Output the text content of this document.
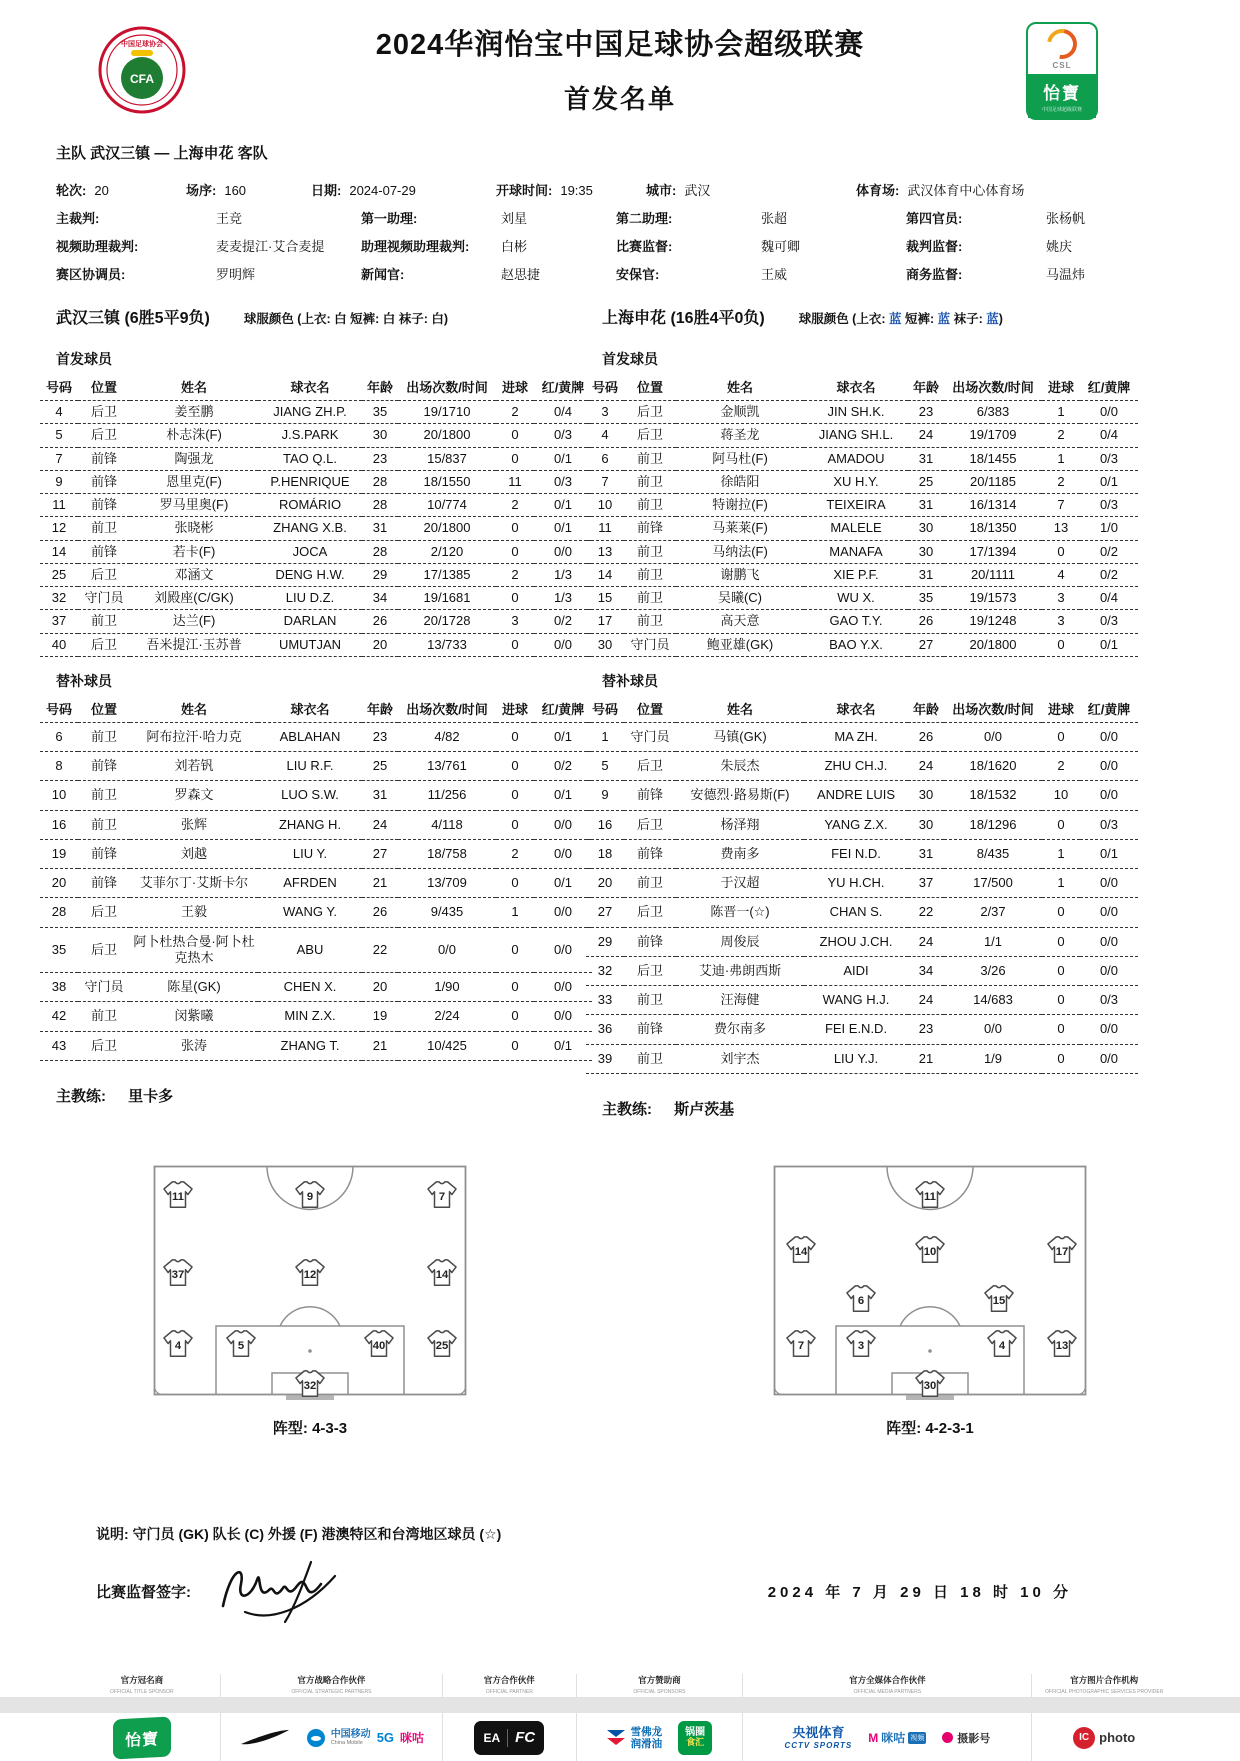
中国足球协会
CFA
2024华润怡宝中国足球协会超级联赛
首发名单
CSL
怡寶
中国足球超级联赛
主队 武汉三镇 — 上海申花 客队
轮次: 20	场序: 160	日期: 2024-07-29	开球时间: 19:35	城市: 武汉	体育场: 武汉体育中心体育场
主裁判:	王竞	第一助理:	刘星	第二助理:	张超	第四官员:	张杨帆
视频助理裁判:	麦麦提江·艾合麦提	助理视频助理裁判:	白彬	比赛监督:	魏可卿	裁判监督:	姚庆
赛区协调员:	罗明辉	新闻官:	赵思捷	安保官:	王威	商务监督:	马温炜
武汉三镇 (6胜5平9负)	球服颜色 (上衣: 白 短裤: 白 袜子: 白)
首发球员
号码	位置	姓名	球衣名	年龄	出场次数/时间	进球	红/黄牌
4	后卫	姜至鹏	JIANG ZH.P.	35	19/1710	2	0/4
5	后卫	朴志洙(F)	J.S.PARK	30	20/1800	0	0/3
7	前锋	陶强龙	TAO Q.L.	23	15/837	0	0/1
9	前锋	恩里克(F)	P.HENRIQUE	28	18/1550	11	0/3
11	前锋	罗马里奥(F)	ROMÁRIO	28	10/774	2	0/1
12	前卫	张晓彬	ZHANG X.B.	31	20/1800	0	0/1
14	前锋	若卡(F)	JOCA	28	2/120	0	0/0
25	后卫	邓涵文	DENG H.W.	29	17/1385	2	1/3
32	守门员	刘殿座(C/GK)	LIU D.Z.	34	19/1681	0	1/3
37	前卫	达兰(F)	DARLAN	26	20/1728	3	0/2
40	后卫	吾米提江·玉苏普	UMUTJAN	20	13/733	0	0/0
替补球员
号码	位置	姓名	球衣名	年龄	出场次数/时间	进球	红/黄牌
6	前卫	阿布拉汗·哈力克	ABLAHAN	23	4/82	0	0/1
8	前锋	刘若钒	LIU R.F.	25	13/761	0	0/2
10	前卫	罗森文	LUO S.W.	31	11/256	0	0/1
16	前卫	张辉	ZHANG H.	24	4/118	0	0/0
19	前锋	刘越	LIU Y.	27	18/758	2	0/0
20	前锋	艾菲尔丁·艾斯卡尔	AFRDEN	21	13/709	0	0/1
28	后卫	王毅	WANG Y.	26	9/435	1	0/0
35	后卫	阿卜杜热合曼·阿卜杜克热木	ABU	22	0/0	0	0/0
38	守门员	陈星(GK)	CHEN X.	20	1/90	0	0/0
42	前卫	闵紫曦	MIN Z.X.	19	2/24	0	0/0
43	后卫	张涛	ZHANG T.	21	10/425	0	0/1
主教练: 里卡多
上海申花 (16胜4平0负)	球服颜色 (上衣: 蓝 短裤: 蓝 袜子: 蓝)
首发球员
号码	位置	姓名	球衣名	年龄	出场次数/时间	进球	红/黄牌
3	后卫	金顺凯	JIN SH.K.	23	6/383	1	0/0
4	后卫	蒋圣龙	JIANG SH.L.	24	19/1709	2	0/4
6	前卫	阿马杜(F)	AMADOU	31	18/1455	1	0/3
7	前卫	徐皓阳	XU H.Y.	25	20/1185	2	0/1
10	前卫	特谢拉(F)	TEIXEIRA	31	16/1314	7	0/3
11	前锋	马莱莱(F)	MALELE	30	18/1350	13	1/0
13	前卫	马纳法(F)	MANAFA	30	17/1394	0	0/2
14	前卫	谢鹏飞	XIE P.F.	31	20/1111	4	0/2
15	前卫	吴曦(C)	WU X.	35	19/1573	3	0/4
17	前卫	高天意	GAO T.Y.	26	19/1248	3	0/3
30	守门员	鲍亚雄(GK)	BAO Y.X.	27	20/1800	0	0/1
替补球员
号码	位置	姓名	球衣名	年龄	出场次数/时间	进球	红/黄牌
1	守门员	马镇(GK)	MA ZH.	26	0/0	0	0/0
5	后卫	朱辰杰	ZHU CH.J.	24	18/1620	2	0/0
9	前锋	安德烈·路易斯(F)	ANDRE LUIS	30	18/1532	10	0/0
16	后卫	杨泽翔	YANG Z.X.	30	18/1296	0	0/3
18	前锋	费南多	FEI N.D.	31	8/435	1	0/1
20	前卫	于汉超	YU H.CH.	37	17/500	1	0/0
27	后卫	陈晋一(☆)	CHAN S.	22	2/37	0	0/0
29	前锋	周俊辰	ZHOU J.CH.	24	1/1	0	0/0
32	后卫	艾迪·弗朗西斯	AIDI	34	3/26	0	0/0
33	前卫	汪海健	WANG H.J.	24	14/683	0	0/3
36	前锋	费尔南多	FEI E.N.D.	23	0/0	0	0/0
39	前卫	刘宇杰	LIU Y.J.	21	1/9	0	0/0
主教练: 斯卢茨基
11	9	7
37	12	14
4	5	40	25
32
阵型: 4-3-3
11
14	10	17
6	15
7	3	4	13
30
阵型: 4-2-3-1
说明: 守门员 (GK) 队长 (C) 外援 (F) 港澳特区和台湾地区球员 (☆)
比赛监督签字:	2024 年 7 月 29 日 18 时 10 分
官方冠名商
OFFICIAL TITLE SPONSOR
怡寶
官方战略合作伙伴
OFFICIAL STRATEGIC PARTNERS
中国移动
China Mobile	5G 咪咕
官方合作伙伴
OFFICIAL PARTNER
EA FC
官方赞助商
OFFICIAL SPONSORS
雪佛龙
润滑油
锅圈
食汇
官方全媒体合作伙伴
OFFICIAL MEDIA PARTNERS
央视体育
CCTV SPORTS
M 咪咕 视频	摄影号
官方图片合作机构
OFFICIAL PHOTOGRAPHIC SERVICES PROVIDER
IC photo
